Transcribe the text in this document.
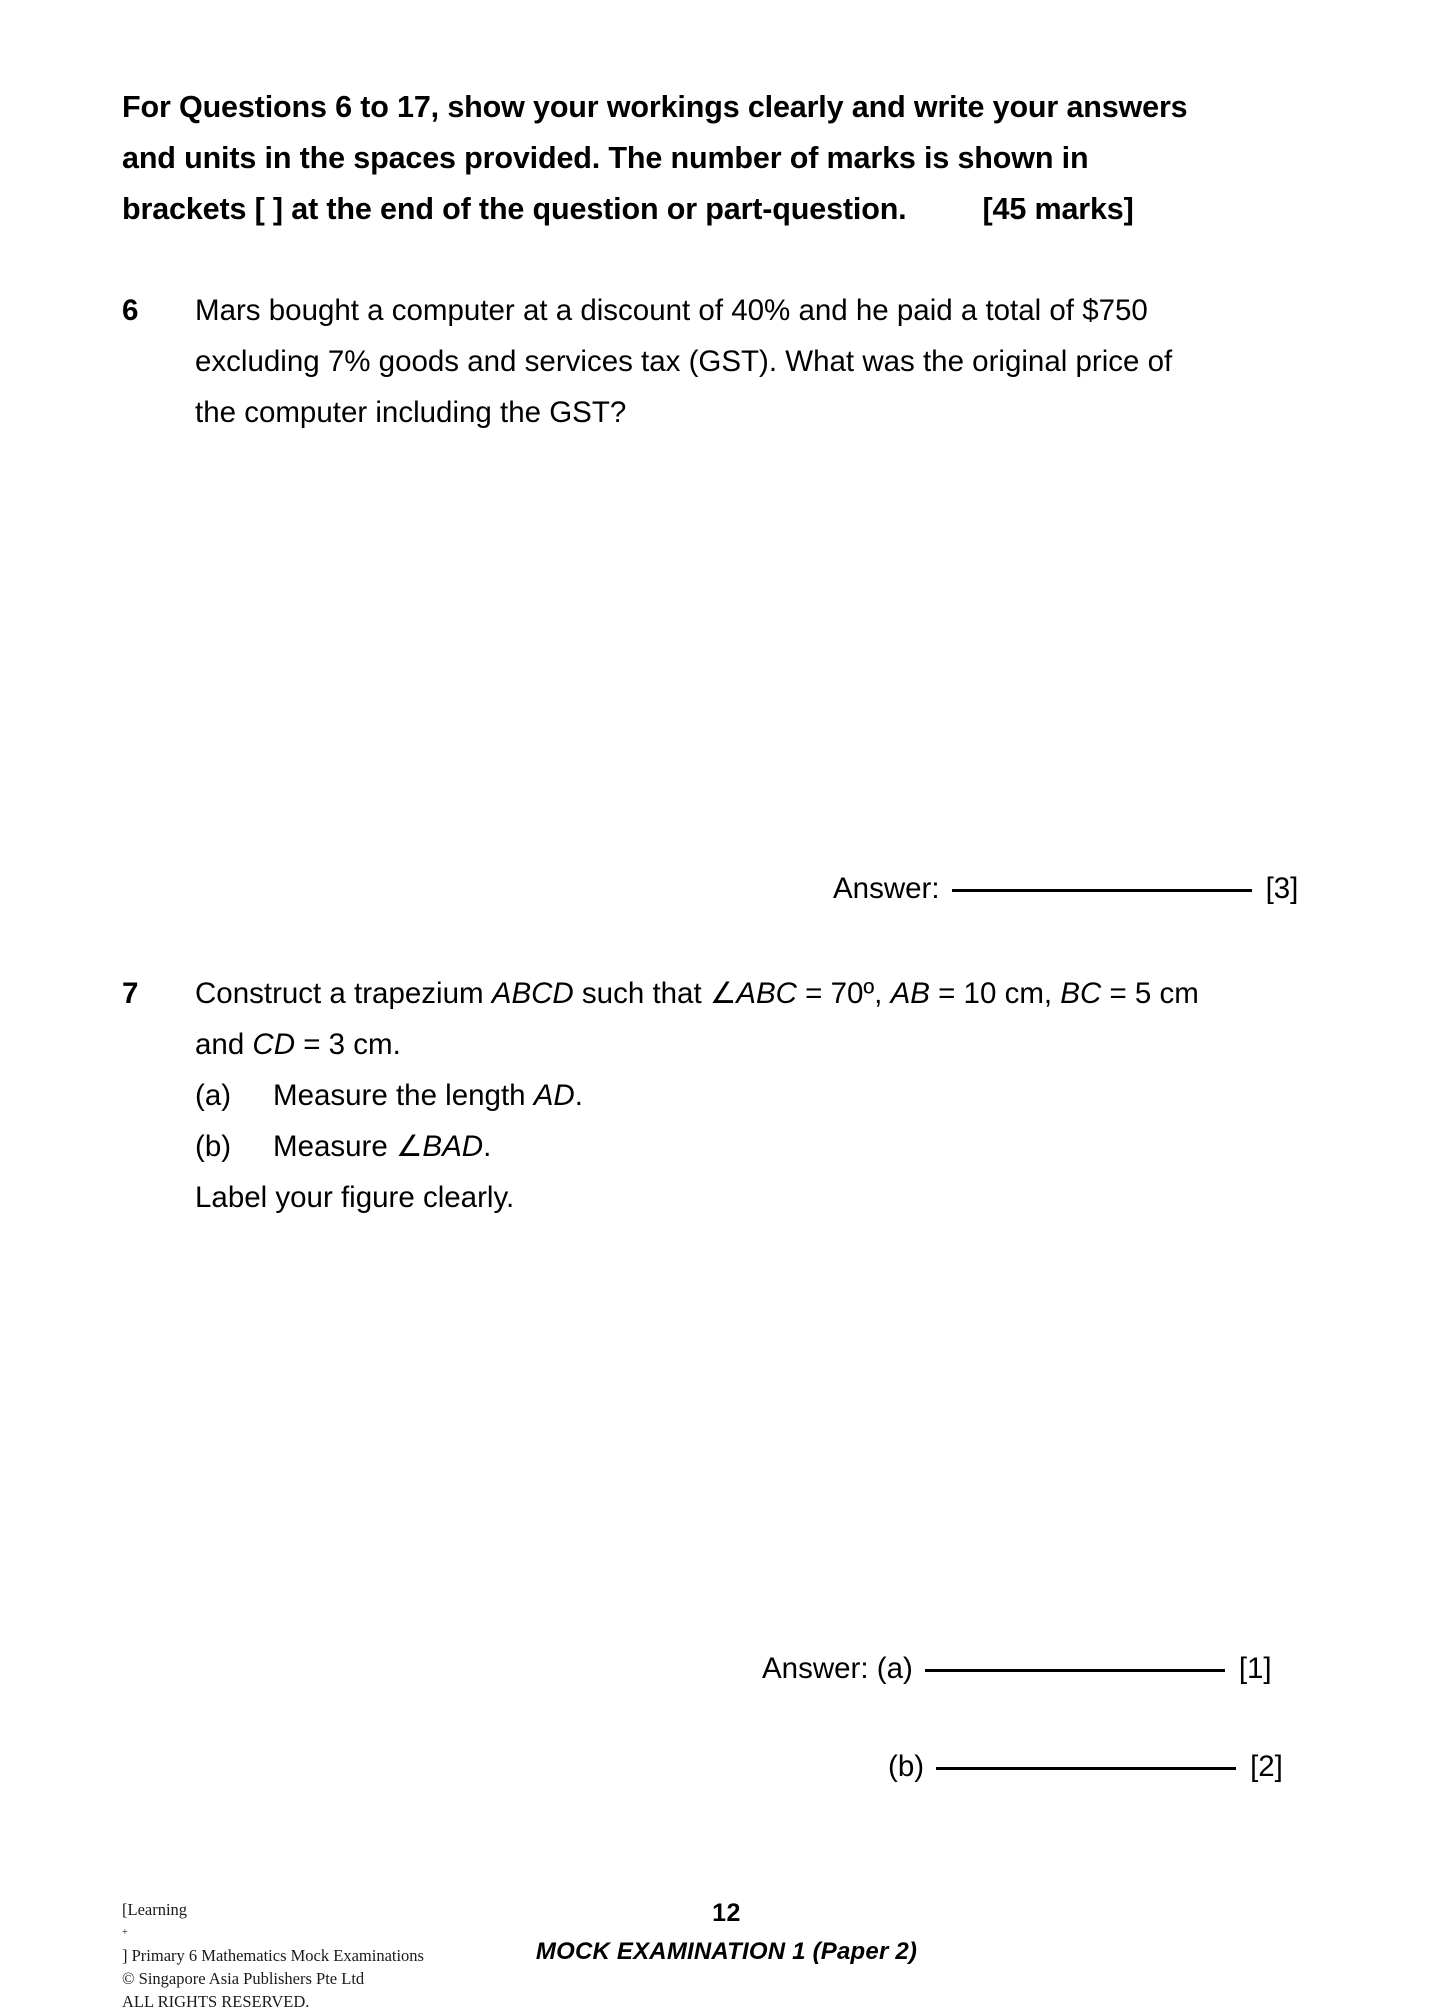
For Questions 6 to 17, show your workings clearly and write your answers
and units in the spaces provided. The number of marks is shown in
brackets [ ] at the end of the question or part-question. [45 marks]
6 Mars bought a computer at a discount of 40% and he paid a total of $750
excluding 7% goods and services tax (GST). What was the original price of
the computer including the GST?
Answer:	[3]
7 Construct a trapezium ABCD such that ∠ABC = 70º, AB = 10 cm, BC = 5 cm
and CD = 3 cm.
(a)	Measure the length AD.
(b)	Measure ∠BAD.
Label your figure clearly.
Answer: (a)	[1]
(b)	[2]
[Learning
+
] Primary 6 Mathematics Mock Examinations
© Singapore Asia Publishers Pte Ltd
ALL RIGHTS RESERVED.
12
MOCK EXAMINATION 1 (Paper 2)
